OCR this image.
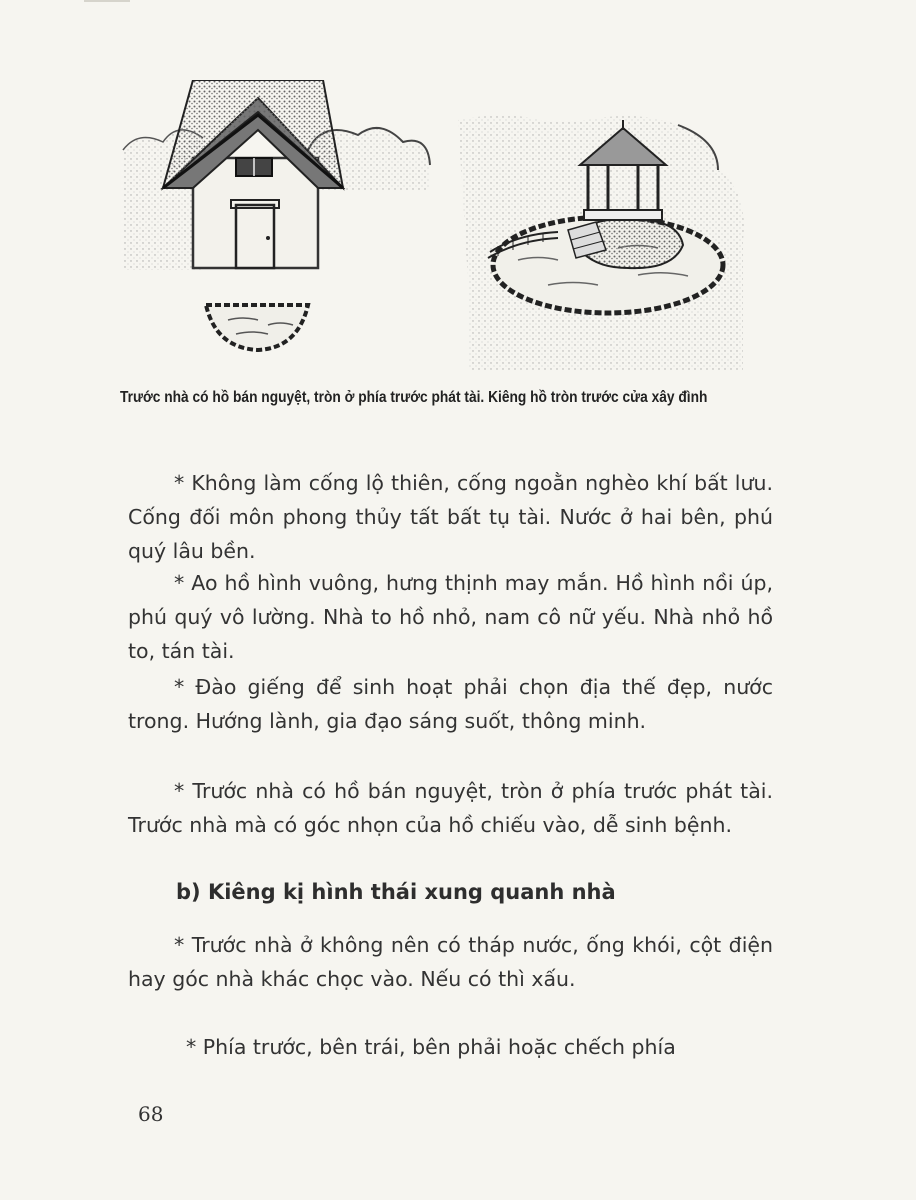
Trước nhà có hồ bán nguyệt, tròn ở phía trước phát tài. Kiêng hồ tròn trước cửa xây đình

* Không làm cống lộ thiên, cống ngoằn nghèo khí bất lưu. Cống đối môn phong thủy tất bất tụ tài. Nước ở hai bên, phú quý lâu bền.

* Ao hồ hình vuông, hưng thịnh may mắn. Hồ hình nồi úp, phú quý vô lường. Nhà to hồ nhỏ, nam cô nữ yếu. Nhà nhỏ hồ to, tán tài.

* Đào giếng để sinh hoạt phải chọn địa thế đẹp, nước trong. Hướng lành, gia đạo sáng suốt, thông minh.

* Trước nhà có hồ bán nguyệt, tròn ở phía trước phát tài. Trước nhà mà có góc nhọn của hồ chiếu vào, dễ sinh bệnh.

b) Kiêng kị hình thái xung quanh nhà

* Trước nhà ở không nên có tháp nước, ống khói, cột điện hay góc nhà khác chọc vào. Nếu có thì xấu.

* Phía trước, bên trái, bên phải hoặc chếch phía

68
